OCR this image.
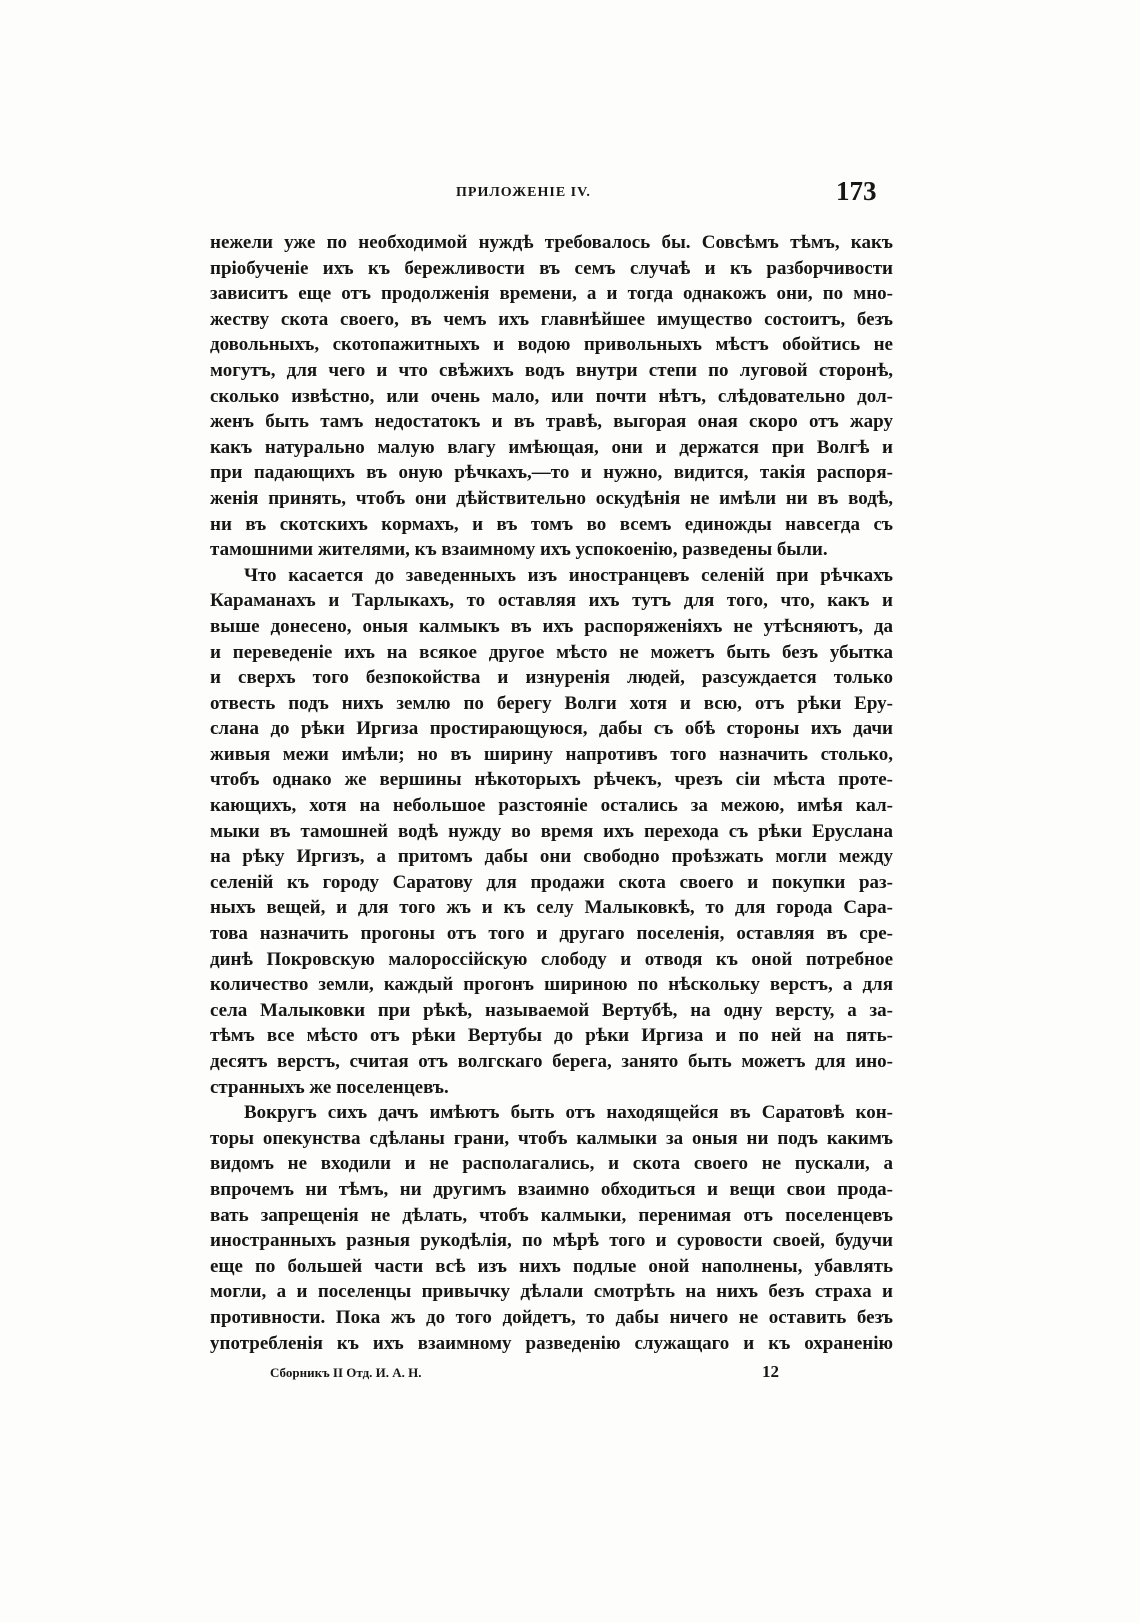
ПРИЛОЖЕНІЕ IV.	173
нежели уже по необходимой нуждѣ требовалось бы. Совсѣмъ тѣмъ, какъ
пріобученіе ихъ къ бережливости въ семъ случаѣ и къ разборчивости
зависитъ еще отъ продолженія времени, а и тогда однакожъ они, по мно-
жеству скота своего, въ чемъ ихъ главнѣйшее имущество состоитъ, безъ
довольныхъ, скотопажитныхъ и водою привольныхъ мѣстъ обойтись не
могутъ, для чего и что свѣжихъ водъ внутри степи по луговой сторонѣ,
сколько извѣстно, или очень мало, или почти нѣтъ, слѣдовательно дол-
женъ быть тамъ недостатокъ и въ травѣ, выгорая оная скоро отъ жару
какъ натурально малую влагу имѣющая, они и держатся при Волгѣ и
при падающихъ въ оную рѣчкахъ,—то и нужно, видится, такія распоря-
женія принять, чтобъ они дѣйствительно оскудѣнія не имѣли ни въ водѣ,
ни въ скотскихъ кормахъ, и въ томъ во всемъ единожды навсегда съ
тамошними жителями, къ взаимному ихъ успокоенію, разведены были.
Что касается до заведенныхъ изъ иностранцевъ селеній при рѣчкахъ
Караманахъ и Тарлыкахъ, то оставляя ихъ тутъ для того, что, какъ и
выше донесено, оныя калмыкъ въ ихъ распоряженіяхъ не утѣсняютъ, да
и переведеніе ихъ на всякое другое мѣсто не можетъ быть безъ убытка
и сверхъ того безпокойства и изнуренія людей, разсуждается только
отвесть подъ нихъ землю по берегу Волги хотя и всю, отъ рѣки Еру-
слана до рѣки Иргиза простирающуюся, дабы съ обѣ стороны ихъ дачи
живыя межи имѣли; но въ ширину напротивъ того назначить столько,
чтобъ однако же вершины нѣкоторыхъ рѣчекъ, чрезъ сіи мѣста проте-
кающихъ, хотя на небольшое разстояніе остались за межою, имѣя кал-
мыки въ тамошней водѣ нужду во время ихъ перехода съ рѣки Еруслана
на рѣку Иргизъ, а притомъ дабы они свободно проѣзжать могли между
селеній къ городу Саратову для продажи скота своего и покупки раз-
ныхъ вещей, и для того жъ и къ селу Малыковкѣ, то для города Сара-
това назначить прогоны отъ того и другаго поселенія, оставляя въ сре-
динѣ Покровскую малороссійскую слободу и отводя къ оной потребное
количество земли, каждый прогонъ шириною по нѣскольку верстъ, а для
села Малыковки при рѣкѣ, называемой Вертубѣ, на одну версту, а за-
тѣмъ все мѣсто отъ рѣки Вертубы до рѣки Иргиза и по ней на пять-
десятъ верстъ, считая отъ волгскаго берега, занято быть можетъ для ино-
странныхъ же поселенцевъ.
Вокругъ сихъ дачъ имѣютъ быть отъ находящейся въ Саратовѣ кон-
торы опекунства сдѣланы грани, чтобъ калмыки за оныя ни подъ какимъ
видомъ не входили и не располагались, и скота своего не пускали, а
впрочемъ ни тѣмъ, ни другимъ взаимно обходиться и вещи свои прода-
вать запрещенія не дѣлать, чтобъ калмыки, перенимая отъ поселенцевъ
иностранныхъ разныя рукодѣлія, по мѣрѣ того и суровости своей, будучи
еще по большей части всѣ изъ нихъ подлые оной наполнены, убавлять
могли, а и поселенцы привычку дѣлали смотрѣть на нихъ безъ страха и
противности. Пока жъ до того дойдетъ, то дабы ничего не оставить безъ
употребленія къ ихъ взаимному разведенію служащаго и къ охраненію
Сборникъ II Отд. И. А. Н.	12
